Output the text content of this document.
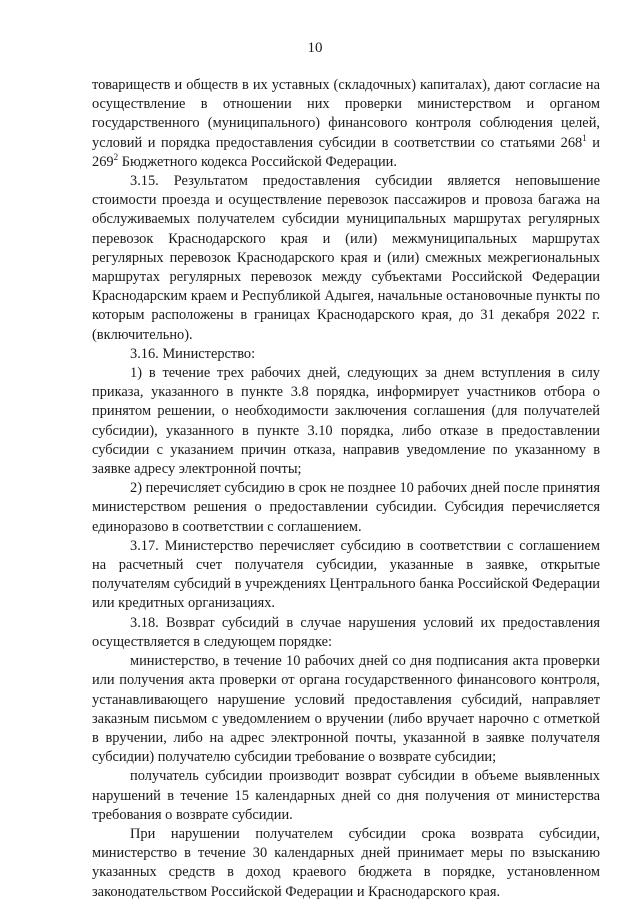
10

товариществ и обществ в их уставных (складочных) капиталах), дают согласие на осуществление в отношении них проверки министерством и органом государственного (муниципального) финансового контроля соблюдения целей, условий и порядка предоставления субсидии в соответствии со статьями $268^1$ и $269^2$ Бюджетного кодекса Российской Федерации.

3.15. Результатом предоставления субсидии является неповышение стоимости проезда и осуществление перевозок пассажиров и провоза багажа на обслуживаемых получателем субсидии муниципальных маршрутах регулярных перевозок Краснодарского края и (или) межмуниципальных маршрутах регулярных перевозок Краснодарского края и (или) смежных межрегиональных маршрутах регулярных перевозок между субъектами Российской Федерации Краснодарским краем и Республикой Адыгея, начальные остановочные пункты по которым расположены в границах Краснодарского края, до 31 декабря 2022 г. (включительно).

3.16. Министерство:

1) в течение трех рабочих дней, следующих за днем вступления в силу приказа, указанного в пункте 3.8 порядка, информирует участников отбора о принятом решении, о необходимости заключения соглашения (для получателей субсидии), указанного в пункте 3.10 порядка, либо отказе в предоставлении субсидии с указанием причин отказа, направив уведомление по указанному в заявке адресу электронной почты;

2) перечисляет субсидию в срок не позднее 10 рабочих дней после принятия министерством решения о предоставлении субсидии. Субсидия перечисляется единоразово в соответствии с соглашением.

3.17. Министерство перечисляет субсидию в соответствии с соглашением на расчетный счет получателя субсидии, указанные в заявке, открытые получателям субсидий в учреждениях Центрального банка Российской Федерации или кредитных организациях.

3.18. Возврат субсидий в случае нарушения условий их предоставления осуществляется в следующем порядке:

министерство, в течение 10 рабочих дней со дня подписания акта проверки или получения акта проверки от органа государственного финансового контроля, устанавливающего нарушение условий предоставления субсидий, направляет заказным письмом с уведомлением о вручении (либо вручает нарочно с отметкой в вручении, либо на адрес электронной почты, указанной в заявке получателя субсидии) получателю субсидии требование о возврате субсидии;

получатель субсидии производит возврат субсидии в объеме выявленных нарушений в течение 15 календарных дней со дня получения от министерства требования о возврате субсидии.

При нарушении получателем субсидии срока возврата субсидии, министерство в течение 30 календарных дней принимает меры по взысканию указанных средств в доход краевого бюджета в порядке, установленном законодательством Российской Федерации и Краснодарского края.
